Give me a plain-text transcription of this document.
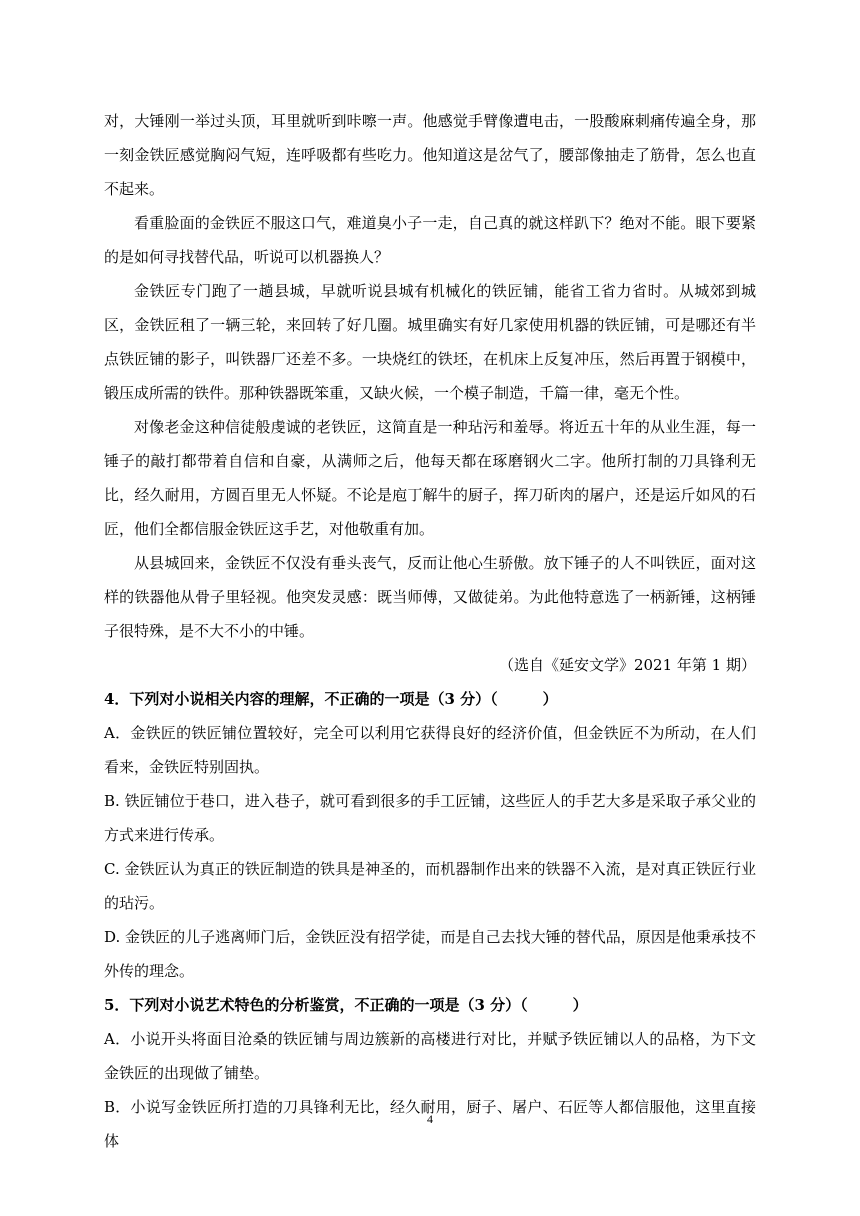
对，大锤刚一举过头顶，耳里就听到咔嚓一声。他感觉手臂像遭电击，一股酸麻刺痛传遍全身，那一刻金铁匠感觉胸闷气短，连呼吸都有些吃力。他知道这是岔气了，腰部像抽走了筋骨，怎么也直不起来。

看重脸面的金铁匠不服这口气，难道臭小子一走，自己真的就这样趴下？绝对不能。眼下要紧的是如何寻找替代品，听说可以机器换人？

金铁匠专门跑了一趟县城，早就听说县城有机械化的铁匠铺，能省工省力省时。从城郊到城区，金铁匠租了一辆三轮，来回转了好几圈。城里确实有好几家使用机器的铁匠铺，可是哪还有半点铁匠铺的影子，叫铁器厂还差不多。一块烧红的铁坯，在机床上反复冲压，然后再置于钢模中，锻压成所需的铁件。那种铁器既笨重，又缺火候，一个模子制造，千篇一律，毫无个性。

对像老金这种信徒般虔诚的老铁匠，这简直是一种玷污和羞辱。将近五十年的从业生涯，每一锤子的敲打都带着自信和自豪，从满师之后，他每天都在琢磨钢火二字。他所打制的刀具锋利无比，经久耐用，方圆百里无人怀疑。不论是庖丁解牛的厨子，挥刀斫肉的屠户，还是运斤如风的石匠，他们全都信服金铁匠这手艺，对他敬重有加。

从县城回来，金铁匠不仅没有垂头丧气，反而让他心生骄傲。放下锤子的人不叫铁匠，面对这样的铁器他从骨子里轻视。他突发灵感：既当师傅，又做徒弟。为此他特意选了一柄新锤，这柄锤子很特殊，是不大不小的中锤。

（选自《延安文学》2021 年第 1 期）

4．下列对小说相关内容的理解，不正确的一项是（3 分）（　　　）

A．金铁匠的铁匠铺位置较好，完全可以利用它获得良好的经济价值，但金铁匠不为所动，在人们看来，金铁匠特别固执。

B. 铁匠铺位于巷口，进入巷子，就可看到很多的手工匠铺，这些匠人的手艺大多是采取子承父业的方式来进行传承。

C. 金铁匠认为真正的铁匠制造的铁具是神圣的，而机器制作出来的铁器不入流，是对真正铁匠行业的玷污。

D. 金铁匠的儿子逃离师门后，金铁匠没有招学徒，而是自己去找大锤的替代品，原因是他秉承技不外传的理念。

5．下列对小说艺术特色的分析鉴赏，不正确的一项是（3 分）（　　　）

A．小说开头将面目沧桑的铁匠铺与周边簇新的高楼进行对比，并赋予铁匠铺以人的品格，为下文金铁匠的出现做了铺垫。

B．小说写金铁匠所打造的刀具锋利无比，经久耐用，厨子、屠户、石匠等人都信服他，这里直接体

4
